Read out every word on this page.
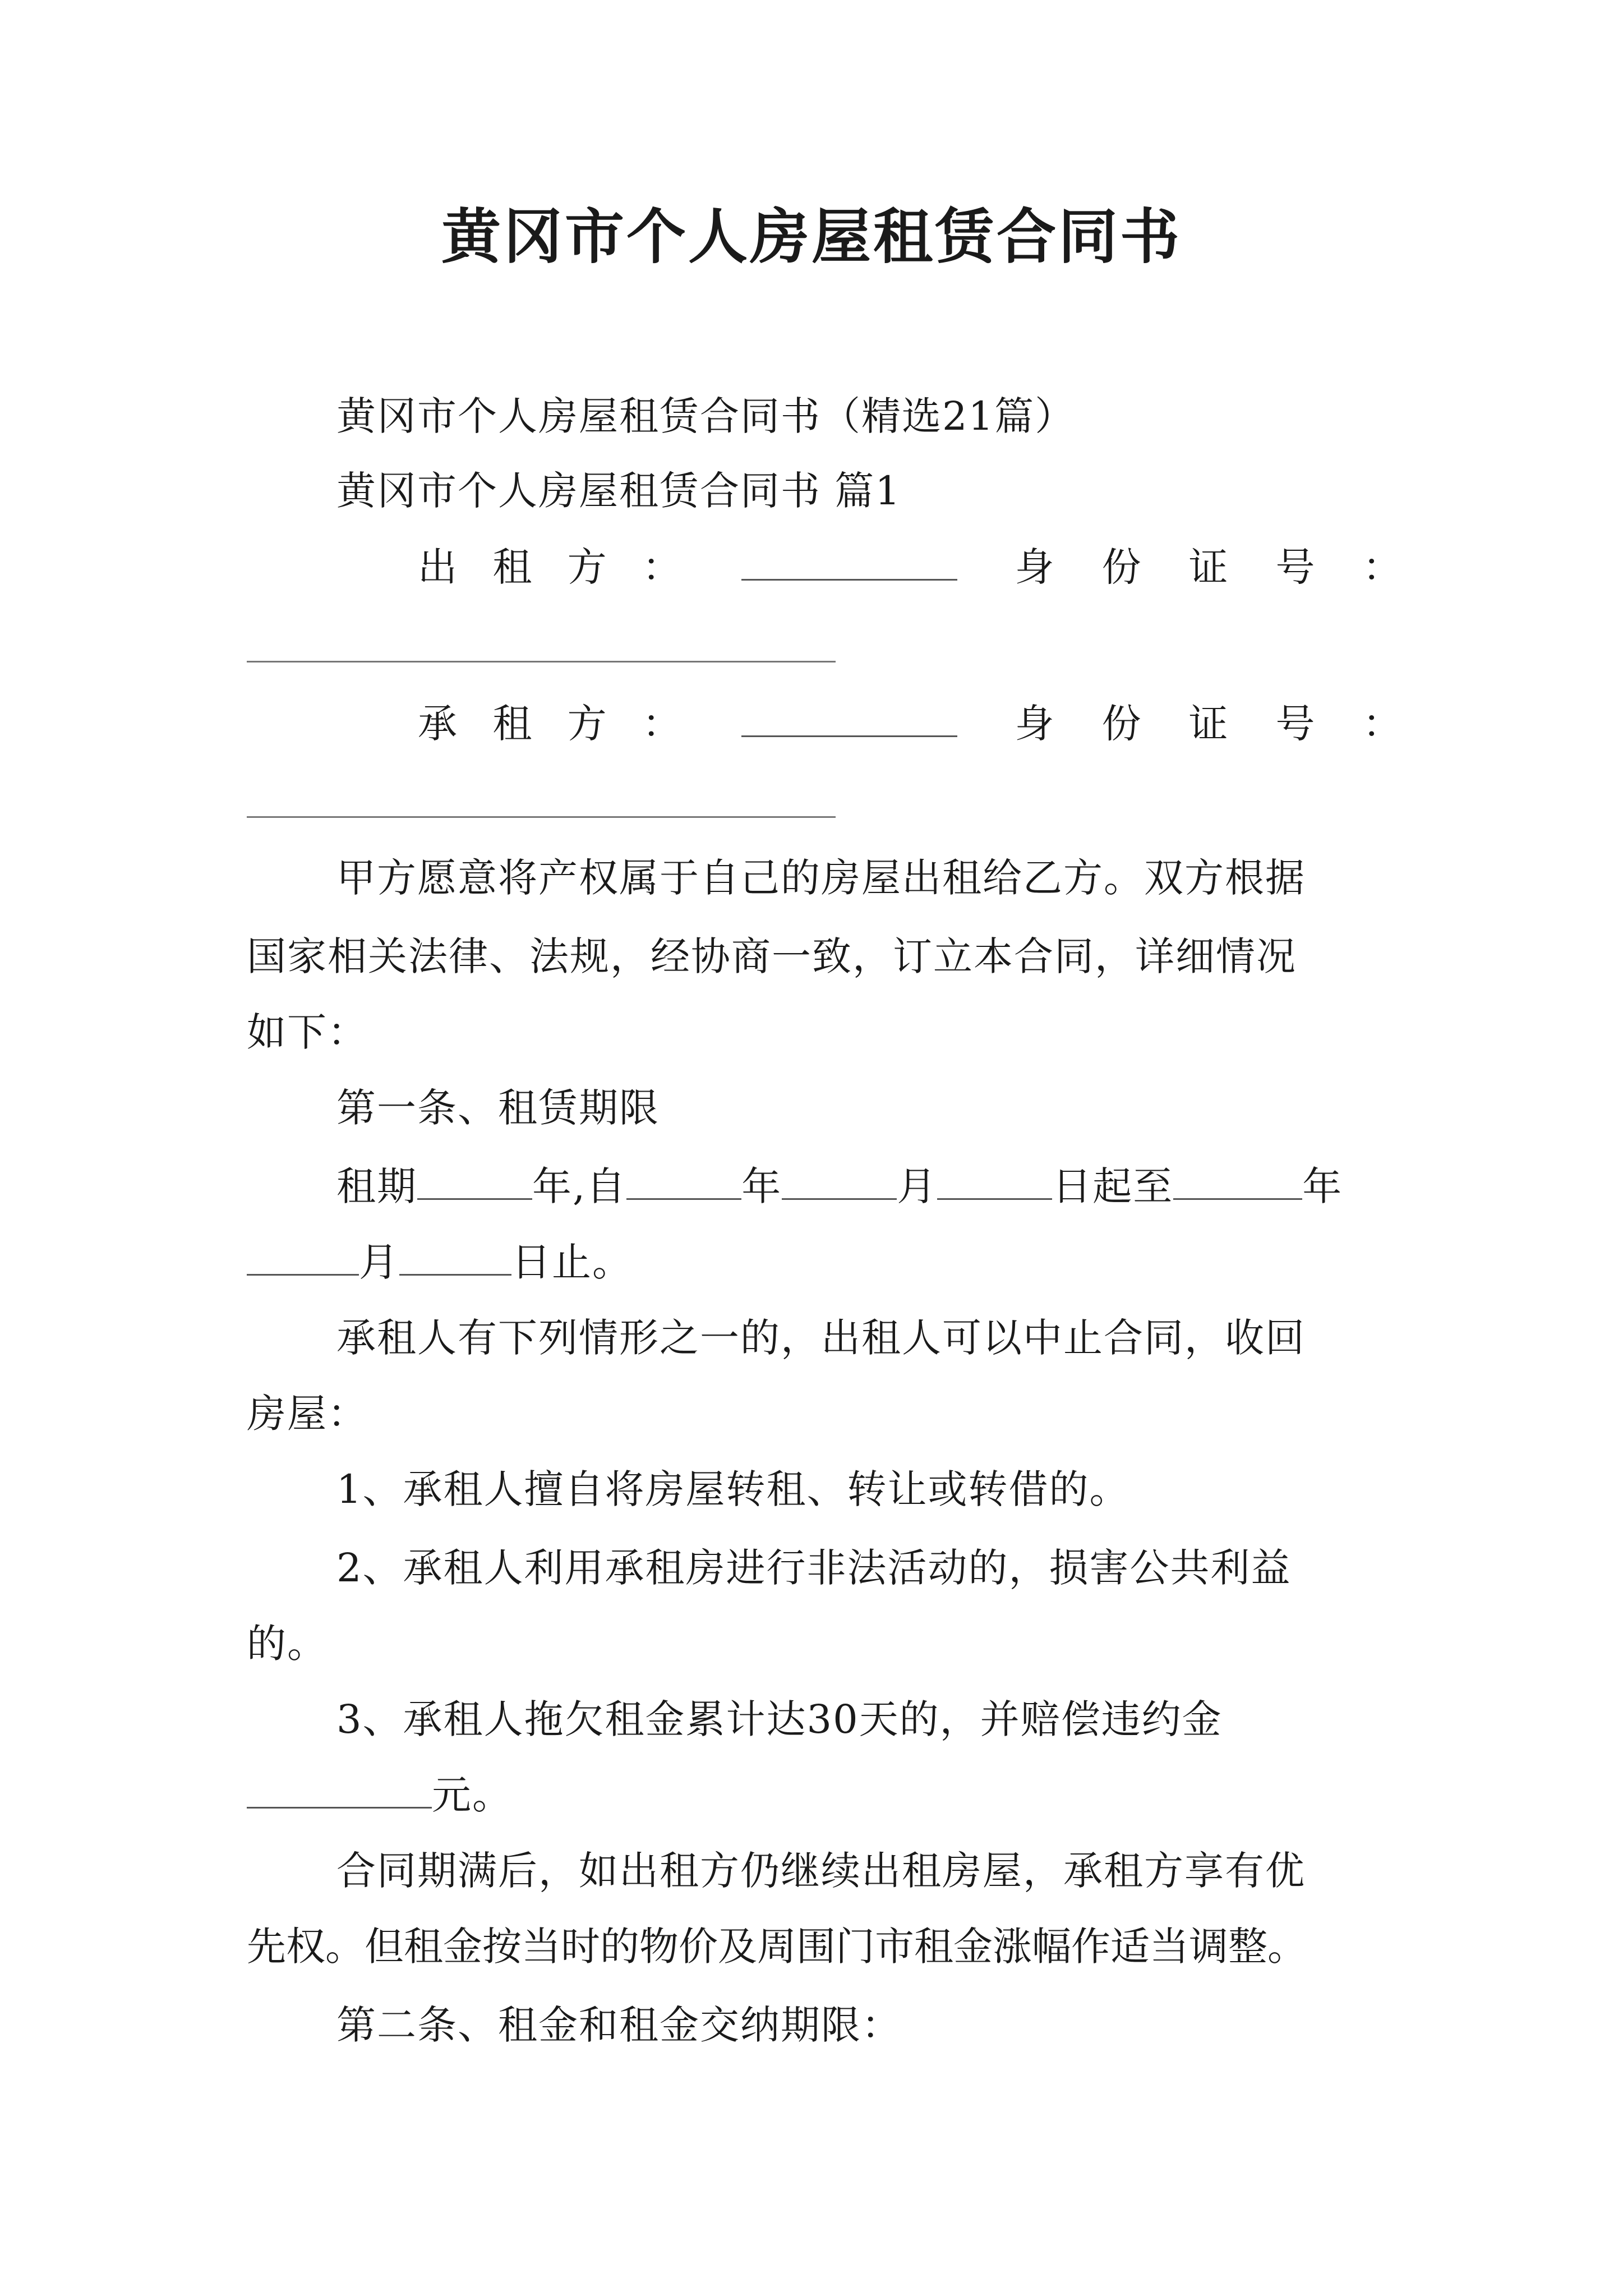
黄冈市个人房屋租赁合同书
黄冈市个人房屋租赁合同书（精选21篇）
黄冈市个人房屋租赁合同书 篇1
出 租 方 ：
	身 份 证 号 ：
承 租 方 ：
	身 份 证 号 ：
甲方愿意将产权属于自己的房屋出租给乙方。双方根据
国家相关法律、法规，经协商一致，订立本合同，详细情况
如下：
第一条、租赁期限
租期	年,自	年	月	日起至	年
月	日止。
承租人有下列情形之一的，出租人可以中止合同，收回
房屋：
1、承租人擅自将房屋转租、转让或转借的。
2、承租人利用承租房进行非法活动的，损害公共利益
的。
3、承租人拖欠租金累计达30天的，并赔偿违约金
元。
合同期满后，如出租方仍继续出租房屋，承租方享有优
先权。但租金按当时的物价及周围门市租金涨幅作适当调整。
第二条、租金和租金交纳期限：
